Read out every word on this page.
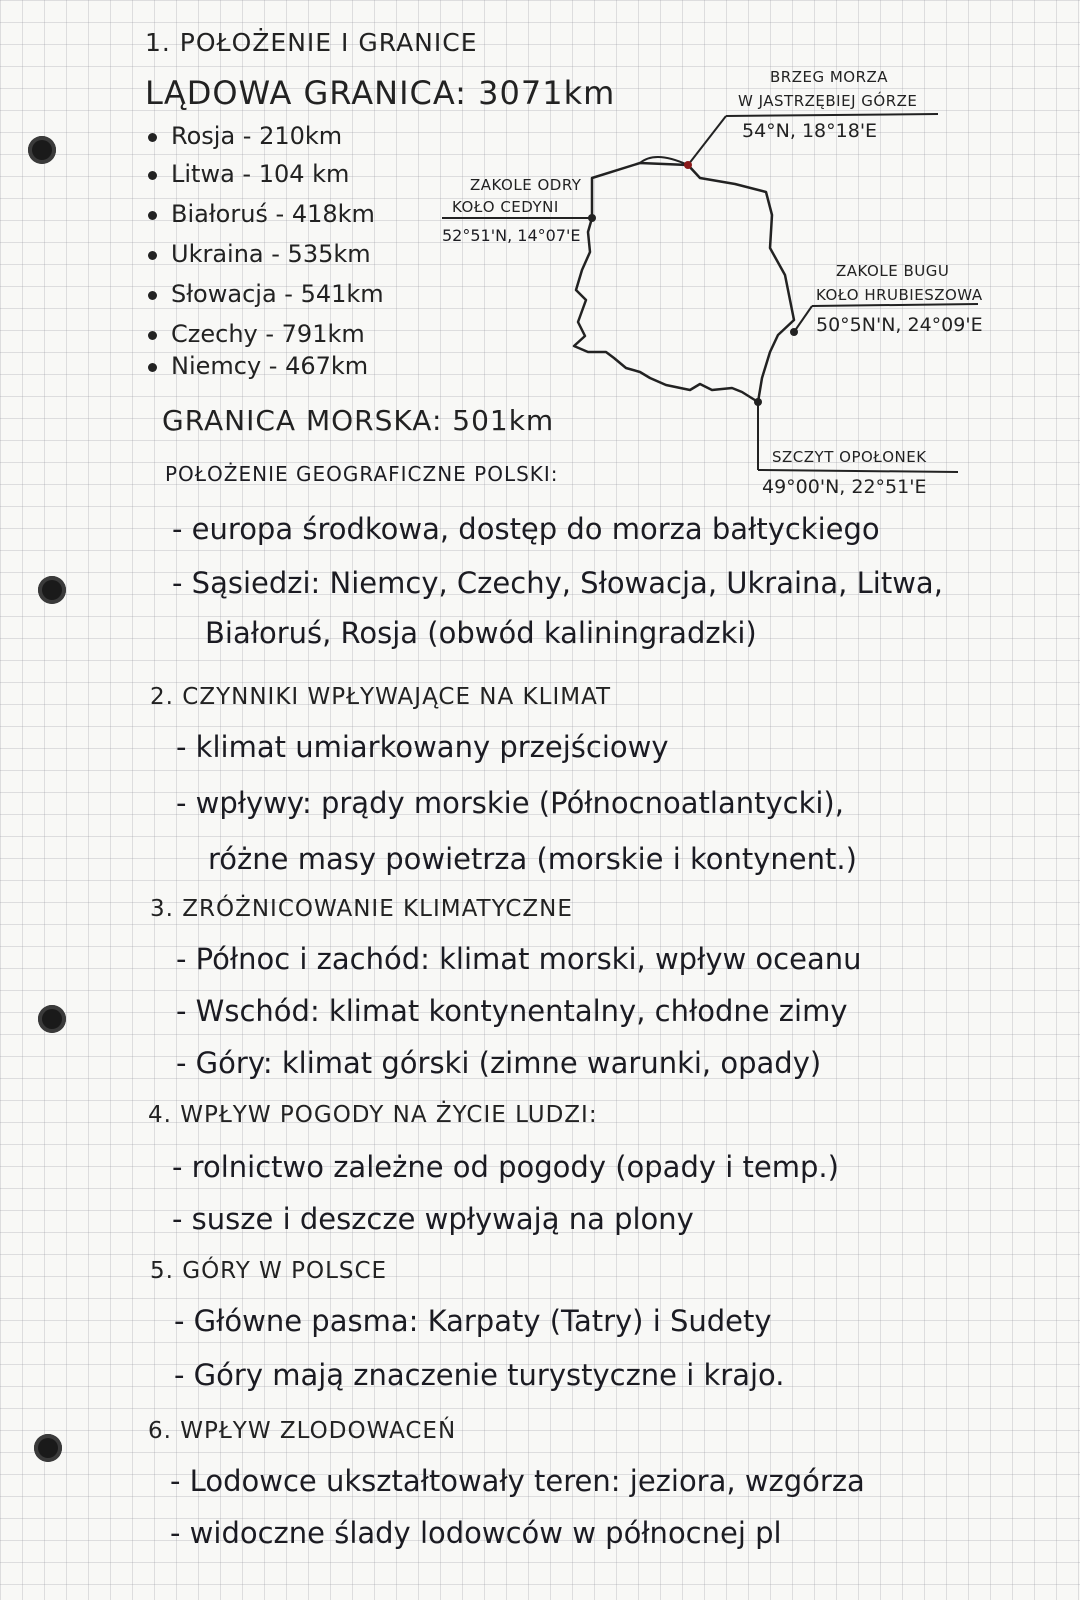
1. POŁOŻENIE I GRANICE
LĄDOWA GRANICA: 3071km
Rosja - 210km
Litwa - 104 km
Białoruś - 418km
Ukraina - 535km
Słowacja - 541km
Czechy - 791km
Niemcy - 467km
GRANICA MORSKA: 501km
POŁOŻENIE GEOGRAFICZNE POLSKI:
- europa środkowa, dostęp do morza bałtyckiego
- Sąsiedzi: Niemcy, Czechy, Słowacja, Ukraina, Litwa,
Białoruś, Rosja (obwód kaliningradzki)
BRZEG MORZA
W JASTRZĘBIEJ GÓRZE
54°N, 18°18'E
ZAKOLE ODRY
KOŁO CEDYNI
52°51'N, 14°07'E
ZAKOLE BUGU
KOŁO HRUBIESZOWA
50°5N'N, 24°09'E
SZCZYT OPOŁONEK
49°00'N, 22°51'E
2. CZYNNIKI WPŁYWAJĄCE NA KLIMAT
- klimat umiarkowany przejściowy
- wpływy: prądy morskie (Północnoatlantycki),
różne masy powietrza (morskie i kontynent.)
3. ZRÓŻNICOWANIE KLIMATYCZNE
- Północ i zachód: klimat morski, wpływ oceanu
- Wschód: klimat kontynentalny, chłodne zimy
- Góry: klimat górski (zimne warunki, opady)
4. WPŁYW POGODY NA ŻYCIE LUDZI:
- rolnictwo zależne od pogody (opady i temp.)
- susze i deszcze wpływają na plony
5. GÓRY W POLSCE
- Główne pasma: Karpaty (Tatry) i Sudety
- Góry mają znaczenie turystyczne i krajo.
6. WPŁYW ZLODOWACEŃ
- Lodowce ukształtowały teren: jeziora, wzgórza
- widoczne ślady lodowców w północnej pl
